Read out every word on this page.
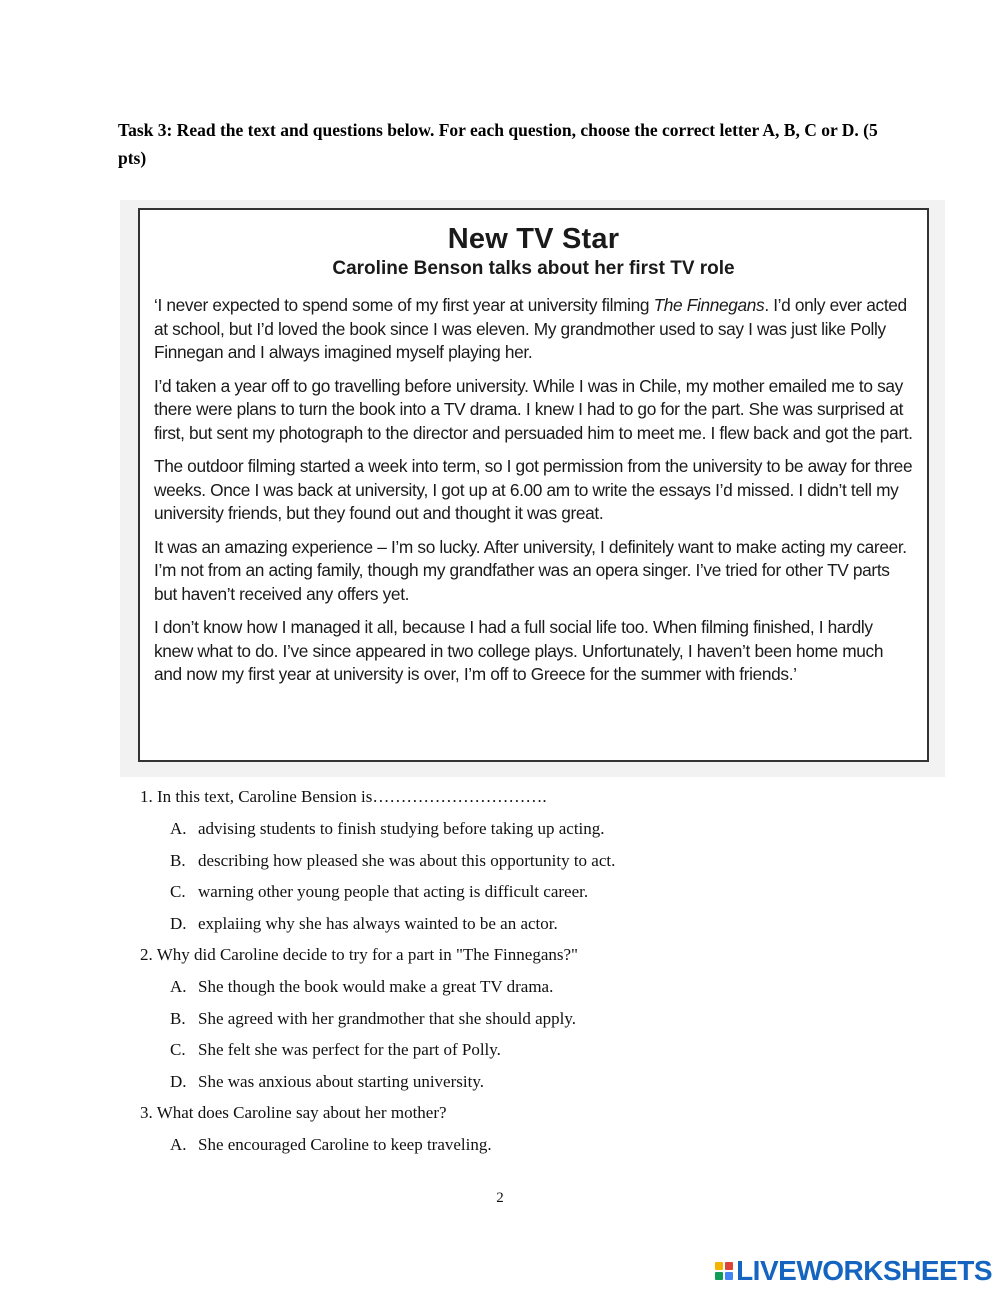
Task 3: Read the text and questions below. For each question, choose the correct letter A, B, C or D. (5 pts)
New TV Star
Caroline Benson talks about her first TV role

‘I never expected to spend some of my first year at university filming The Finnegans. I’d only ever acted at school, but I’d loved the book since I was eleven. My grandmother used to say I was just like Polly Finnegan and I always imagined myself playing her.

I’d taken a year off to go travelling before university. While I was in Chile, my mother emailed me to say there were plans to turn the book into a TV drama. I knew I had to go for the part. She was surprised at first, but sent my photograph to the director and persuaded him to meet me. I flew back and got the part.

The outdoor filming started a week into term, so I got permission from the university to be away for three weeks. Once I was back at university, I got up at 6.00 am to write the essays I’d missed. I didn’t tell my university friends, but they found out and thought it was great.

It was an amazing experience – I’m so lucky. After university, I definitely want to make acting my career. I’m not from an acting family, though my grandfather was an opera singer. I’ve tried for other TV parts but haven’t received any offers yet.

I don’t know how I managed it all, because I had a full social life too. When filming finished, I hardly knew what to do. I’ve since appeared in two college plays. Unfortunately, I haven’t been home much and now my first year at university is over, I’m off to Greece for the summer with friends.’

1. In this text, Caroline Bension is………………………….
A. advising students to finish studying before taking up acting.
B. describing how pleased she was about this opportunity to act.
C. warning other young people that acting is difficult career.
D. explaiing why she has always wainted to be an actor.
2. Why did Caroline decide to try for a part in "The Finnegans?"
A. She though the book would make a great TV drama.
B. She agreed with her grandmother that she should apply.
C. She felt she was perfect for the part of Polly.
D. She was anxious about starting university.
3. What does Caroline say about her mother?
A. She encouraged Caroline to keep traveling.
2
LIVEWORKSHEETS
